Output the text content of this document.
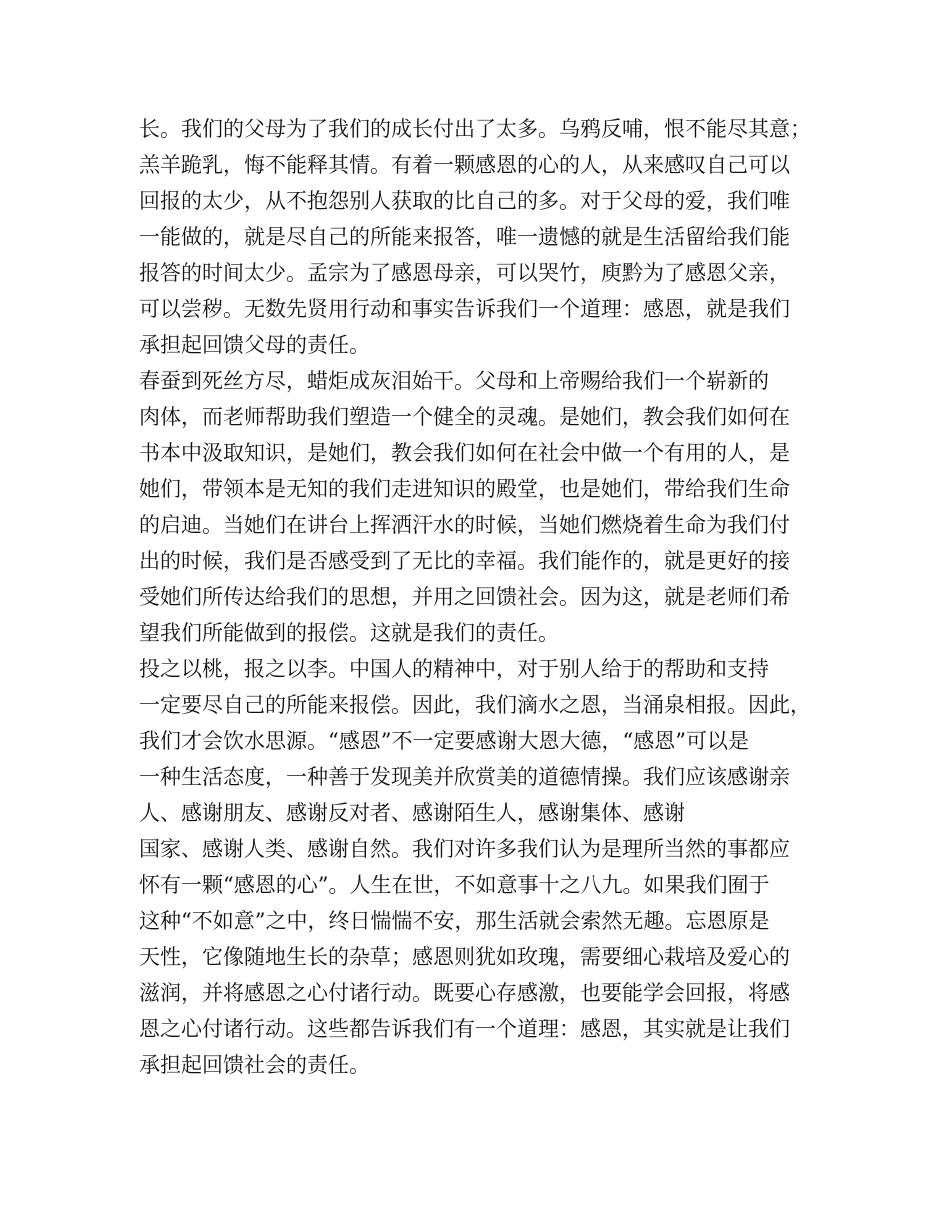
长。我们的父母为了我们的成长付出了太多。乌鸦反哺，恨不能尽其意；
羔羊跪乳，悔不能释其情。有着一颗感恩的心的人，从来感叹自己可以
回报的太少，从不抱怨别人获取的比自己的多。对于父母的爱，我们唯
一能做的，就是尽自己的所能来报答，唯一遗憾的就是生活留给我们能
报答的时间太少。孟宗为了感恩母亲，可以哭竹，庾黔为了感恩父亲，
可以尝秽。无数先贤用行动和事实告诉我们一个道理：感恩，就是我们
承担起回馈父母的责任。
春蚕到死丝方尽，蜡炬成灰泪始干。父母和上帝赐给我们一个崭新的
肉体，而老师帮助我们塑造一个健全的灵魂。是她们，教会我们如何在
书本中汲取知识，是她们，教会我们如何在社会中做一个有用的人，是
她们，带领本是无知的我们走进知识的殿堂，也是她们，带给我们生命
的启迪。当她们在讲台上挥洒汗水的时候，当她们燃烧着生命为我们付
出的时候，我们是否感受到了无比的幸福。我们能作的，就是更好的接
受她们所传达给我们的思想，并用之回馈社会。因为这，就是老师们希
望我们所能做到的报偿。这就是我们的责任。
投之以桃，报之以李。中国人的精神中，对于别人给于的帮助和支持
一定要尽自己的所能来报偿。因此，我们滴水之恩，当涌泉相报。因此，
我们才会饮水思源。“感恩”不一定要感谢大恩大德，“感恩”可以是
一种生活态度，一种善于发现美并欣赏美的道德情操。我们应该感谢亲
人、感谢朋友、感谢反对者、感谢陌生人，感谢集体、感谢
国家、感谢人类、感谢自然。我们对许多我们认为是理所当然的事都应
怀有一颗“感恩的心”。人生在世，不如意事十之八九。如果我们囿于
这种“不如意”之中，终日惴惴不安，那生活就会索然无趣。忘恩原是
天性，它像随地生长的杂草；感恩则犹如玫瑰，需要细心栽培及爱心的
滋润，并将感恩之心付诸行动。既要心存感激，也要能学会回报，将感
恩之心付诸行动。这些都告诉我们有一个道理：感恩，其实就是让我们
承担起回馈社会的责任。
